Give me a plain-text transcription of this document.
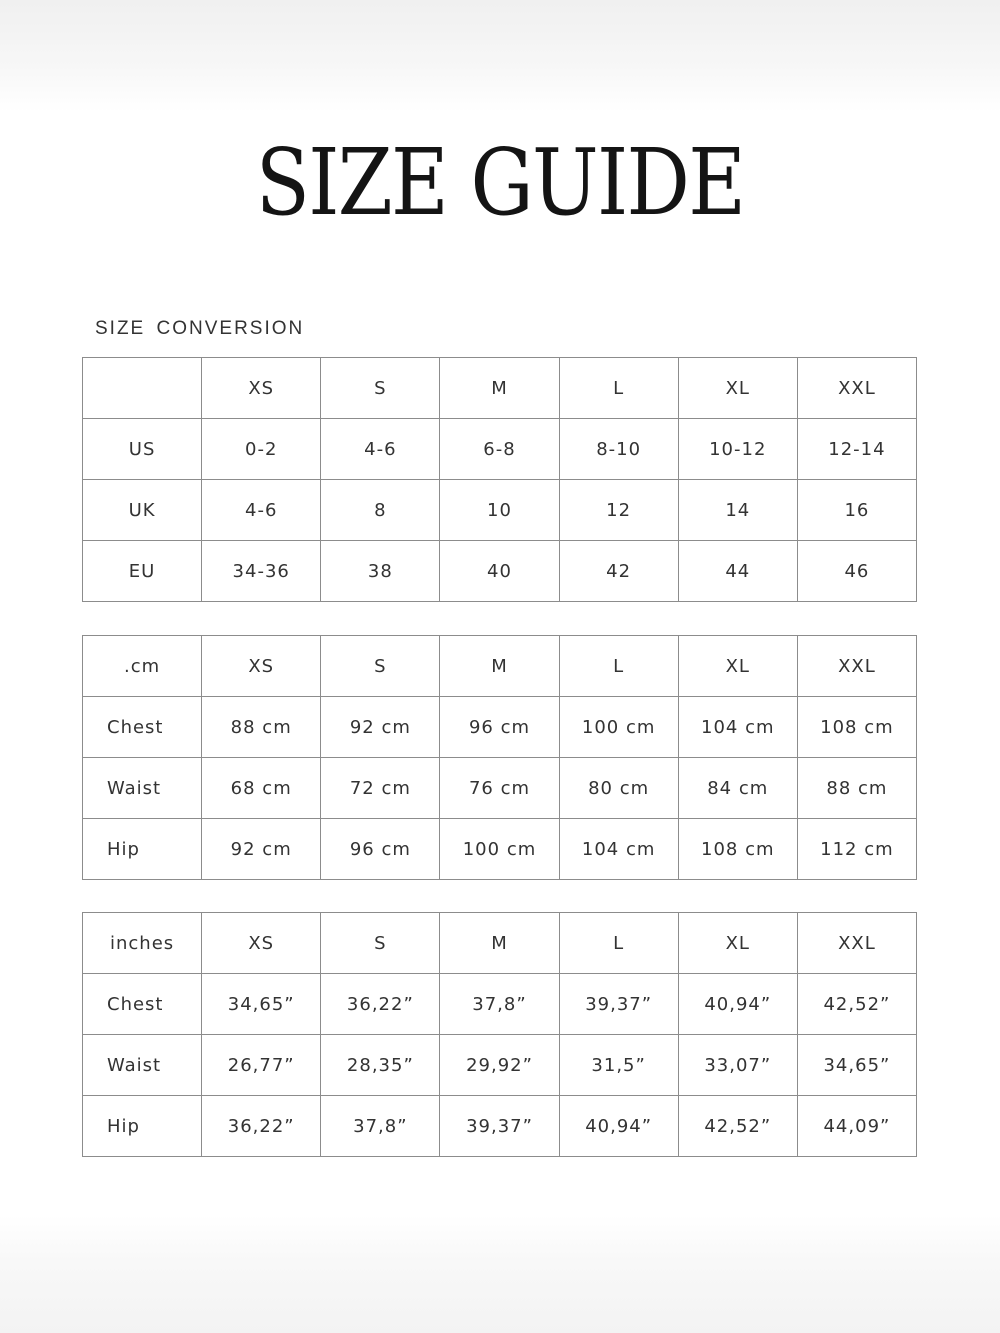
SIZE GUIDE
SIZE CONVERSION
	XS	S	M	L	XL	XXL
US	0-2	4-6	6-8	8-10	10-12	12-14
UK	4-6	8	10	12	14	16
EU	34-36	38	40	42	44	46
.cm	XS	S	M	L	XL	XXL
Chest	88 cm	92 cm	96 cm	100 cm	104 cm	108 cm
Waist	68 cm	72 cm	76 cm	80 cm	84 cm	88 cm
Hip	92 cm	96 cm	100 cm	104 cm	108 cm	112 cm
inches	XS	S	M	L	XL	XXL
Chest	34,65”	36,22”	37,8”	39,37”	40,94”	42,52”
Waist	26,77”	28,35”	29,92”	31,5”	33,07”	34,65”
Hip	36,22”	37,8”	39,37”	40,94”	42,52”	44,09”
